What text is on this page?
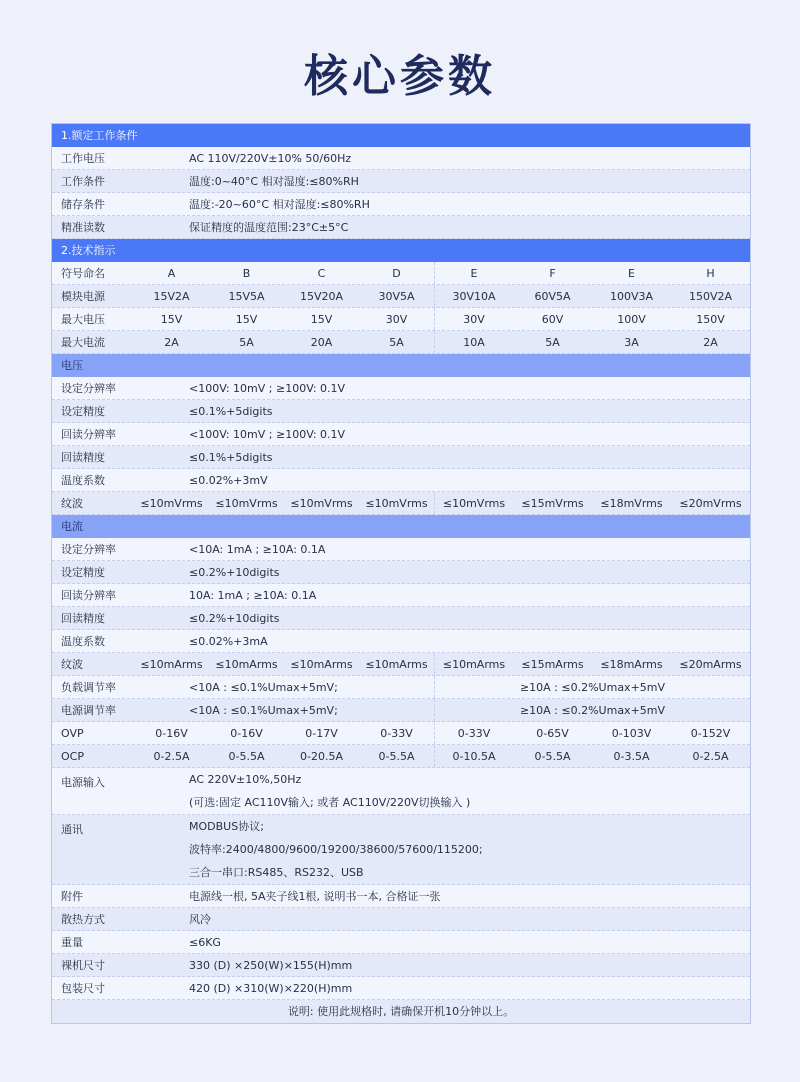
核心参数
1.额定工作条件
工作电压	AC 110V/220V±10% 50/60Hz
工作条件	温度:0~40°C 相对湿度:≤80%RH
储存条件	温度:-20~60°C 相对湿度:≤80%RH
精准读数	保证精度的温度范围:23°C±5°C
2.技术指示
符号命名	A	B	C	D	E	F	E	H
模块电源	15V2A	15V5A	15V20A	30V5A	30V10A	60V5A	100V3A	150V2A
最大电压	15V	15V	15V	30V	30V	60V	100V	150V
最大电流	2A	5A	20A	5A	10A	5A	3A	2A
电压
设定分辨率	<100V: 10mV ; ≥100V: 0.1V
设定精度	≤0.1%+5digits
回读分辨率	<100V: 10mV ; ≥100V: 0.1V
回读精度	≤0.1%+5digits
温度系数	≤0.02%+3mV
纹波	≤10mVrms	≤10mVrms	≤10mVrms	≤10mVrms	≤10mVrms	≤15mVrms	≤18mVrms	≤20mVrms
电流
设定分辨率	<10A: 1mA ; ≥10A: 0.1A
设定精度	≤0.2%+10digits
回读分辨率	10A: 1mA ; ≥10A: 0.1A
回读精度	≤0.2%+10digits
温度系数	≤0.02%+3mA
纹波	≤10mArms	≤10mArms	≤10mArms	≤10mArms	≤10mArms	≤15mArms	≤18mArms	≤20mArms
负载调节率	<10A : ≤0.1%Umax+5mV;	≥10A : ≤0.2%Umax+5mV
电源调节率	<10A : ≤0.1%Umax+5mV;	≥10A : ≤0.2%Umax+5mV
OVP	0-16V	0-16V	0-17V	0-33V	0-33V	0-65V	0-103V	0-152V
OCP	0-2.5A	0-5.5A	0-20.5A	0-5.5A	0-10.5A	0-5.5A	0-3.5A	0-2.5A
电源输入	AC 220V±10%,50Hz
(可选:固定 AC110V输入; 或者 AC110V/220V切换输入 )
通讯	MODBUS协议;
波特率:2400/4800/9600/19200/38600/57600/115200;
三合一串口:RS485、RS232、USB
附件	电源线一根, 5A夹子线1根, 说明书一本, 合格证一张
散热方式	风冷
重量	≤6KG
裸机尺寸	330 (D) ×250(W)×155(H)mm
包装尺寸	420 (D) ×310(W)×220(H)mm
说明: 使用此规格时, 请确保开机10分钟以上。
